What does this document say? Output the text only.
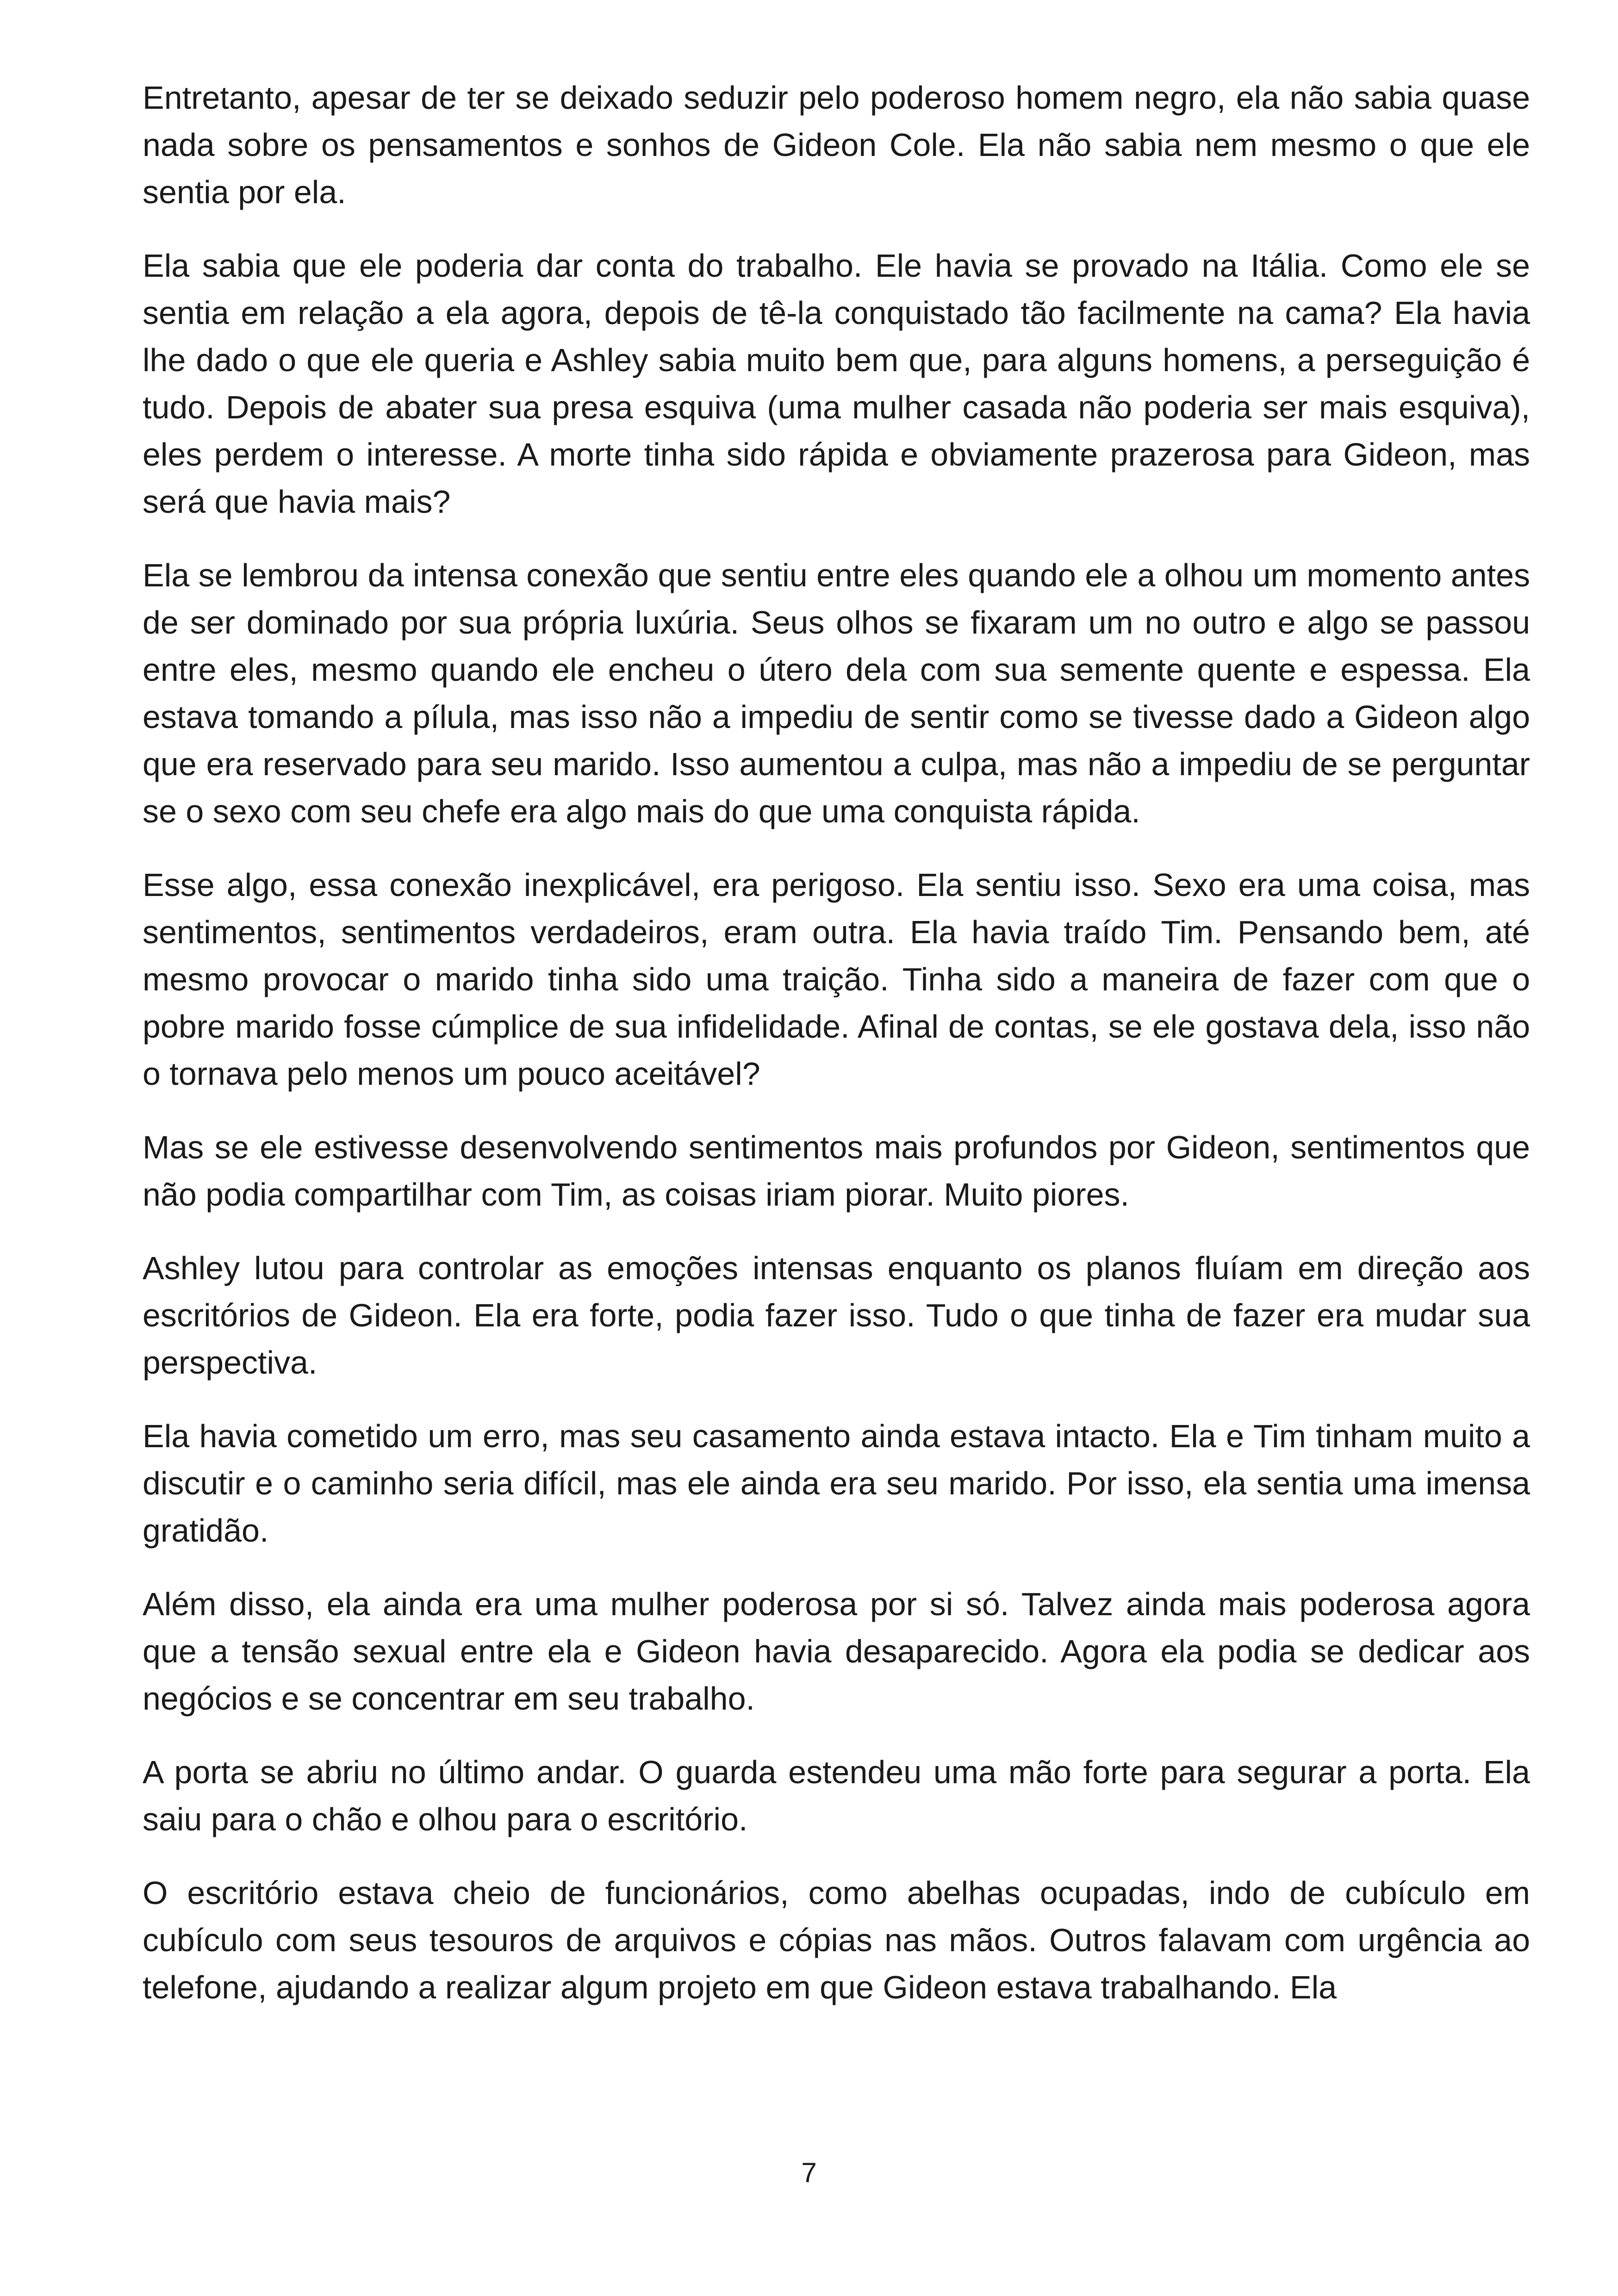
Entretanto, apesar de ter se deixado seduzir pelo poderoso homem negro, ela não sabia quase nada sobre os pensamentos e sonhos de Gideon Cole. Ela não sabia nem mesmo o que ele sentia por ela.

Ela sabia que ele poderia dar conta do trabalho. Ele havia se provado na Itália. Como ele se sentia em relação a ela agora, depois de tê-la conquistado tão facilmente na cama? Ela havia lhe dado o que ele queria e Ashley sabia muito bem que, para alguns homens, a perseguição é tudo. Depois de abater sua presa esquiva (uma mulher casada não poderia ser mais esquiva), eles perdem o interesse. A morte tinha sido rápida e obviamente prazerosa para Gideon, mas será que havia mais?

Ela se lembrou da intensa conexão que sentiu entre eles quando ele a olhou um momento antes de ser dominado por sua própria luxúria. Seus olhos se fixaram um no outro e algo se passou entre eles, mesmo quando ele encheu o útero dela com sua semente quente e espessa. Ela estava tomando a pílula, mas isso não a impediu de sentir como se tivesse dado a Gideon algo que era reservado para seu marido. Isso aumentou a culpa, mas não a impediu de se perguntar se o sexo com seu chefe era algo mais do que uma conquista rápida.

Esse algo, essa conexão inexplicável, era perigoso. Ela sentiu isso. Sexo era uma coisa, mas sentimentos, sentimentos verdadeiros, eram outra. Ela havia traído Tim. Pensando bem, até mesmo provocar o marido tinha sido uma traição. Tinha sido a maneira de fazer com que o pobre marido fosse cúmplice de sua infidelidade. Afinal de contas, se ele gostava dela, isso não o tornava pelo menos um pouco aceitável?

Mas se ele estivesse desenvolvendo sentimentos mais profundos por Gideon, sentimentos que não podia compartilhar com Tim, as coisas iriam piorar. Muito piores.

Ashley lutou para controlar as emoções intensas enquanto os planos fluíam em direção aos escritórios de Gideon. Ela era forte, podia fazer isso. Tudo o que tinha de fazer era mudar sua perspectiva.

Ela havia cometido um erro, mas seu casamento ainda estava intacto. Ela e Tim tinham muito a discutir e o caminho seria difícil, mas ele ainda era seu marido. Por isso, ela sentia uma imensa gratidão.

Além disso, ela ainda era uma mulher poderosa por si só. Talvez ainda mais poderosa agora que a tensão sexual entre ela e Gideon havia desaparecido. Agora ela podia se dedicar aos negócios e se concentrar em seu trabalho.

A porta se abriu no último andar. O guarda estendeu uma mão forte para segurar a porta. Ela saiu para o chão e olhou para o escritório.

O escritório estava cheio de funcionários, como abelhas ocupadas, indo de cubículo em cubículo com seus tesouros de arquivos e cópias nas mãos. Outros falavam com urgência ao telefone, ajudando a realizar algum projeto em que Gideon estava trabalhando. Ela

7
